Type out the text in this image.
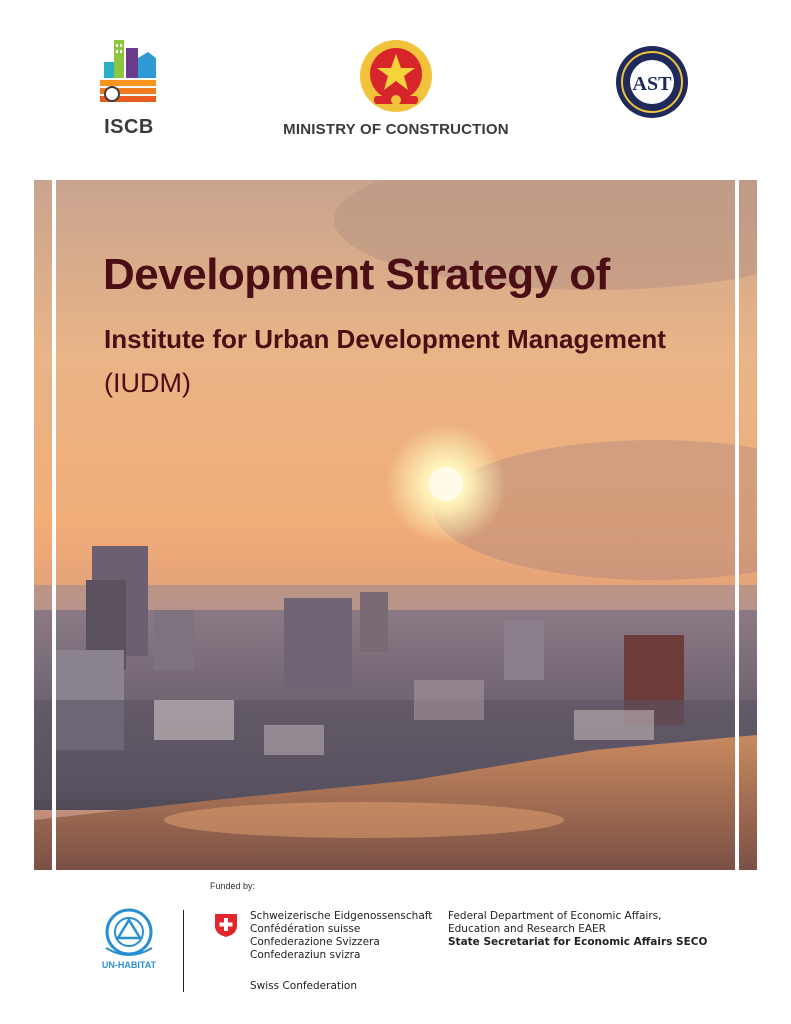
ISCB	MINISTRY OF CONSTRUCTION
AST
Development Strategy of
Institute for Urban Development Management
(IUDM)
Funded by:
UN-HABITAT
Schweizerische Eidgenossenschaft
Confédération suisse
Confederazione Svizzera
Confederaziun svizra
Swiss Confederation
Federal Department of Economic Affairs,
Education and Research EAER
State Secretariat for Economic Affairs SECO
